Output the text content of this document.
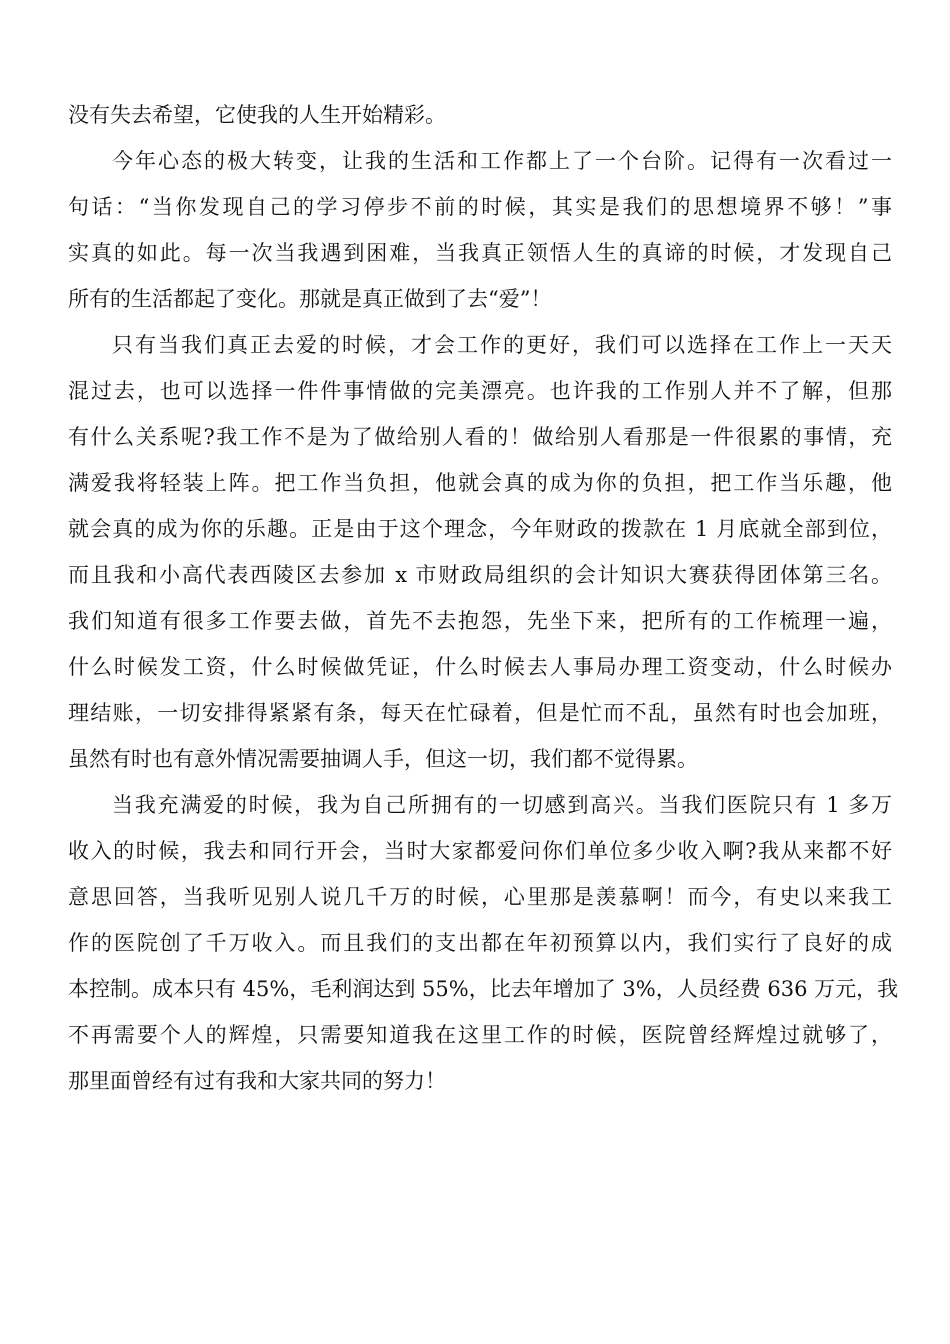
没有失去希望，它使我的人生开始精彩。
今年心态的极大转变，让我的生活和工作都上了一个台阶。记得有一次看过一
句话：“当你发现自己的学习停步不前的时候，其实是我们的思想境界不够！”事
实真的如此。每一次当我遇到困难，当我真正领悟人生的真谛的时候，才发现自己
所有的生活都起了变化。那就是真正做到了去“爱”！
只有当我们真正去爱的时候，才会工作的更好，我们可以选择在工作上一天天
混过去，也可以选择一件件事情做的完美漂亮。也许我的工作别人并不了解，但那
有什么关系呢?我工作不是为了做给别人看的！做给别人看那是一件很累的事情，充
满爱我将轻装上阵。把工作当负担，他就会真的成为你的负担，把工作当乐趣，他
就会真的成为你的乐趣。正是由于这个理念，今年财政的拨款在 1 月底就全部到位，
而且我和小高代表西陵区去参加 x 市财政局组织的会计知识大赛获得团体第三名。
我们知道有很多工作要去做，首先不去抱怨，先坐下来，把所有的工作梳理一遍，
什么时候发工资，什么时候做凭证，什么时候去人事局办理工资变动，什么时候办
理结账，一切安排得紧紧有条，每天在忙碌着，但是忙而不乱，虽然有时也会加班，
虽然有时也有意外情况需要抽调人手，但这一切，我们都不觉得累。
当我充满爱的时候，我为自己所拥有的一切感到高兴。当我们医院只有 1 多万
收入的时候，我去和同行开会，当时大家都爱问你们单位多少收入啊?我从来都不好
意思回答，当我听见别人说几千万的时候，心里那是羡慕啊！而今，有史以来我工
作的医院创了千万收入。而且我们的支出都在年初预算以内，我们实行了良好的成
本控制。成本只有 45%，毛利润达到 55%，比去年增加了 3%，人员经费 636 万元，我
不再需要个人的辉煌，只需要知道我在这里工作的时候，医院曾经辉煌过就够了，
那里面曾经有过有我和大家共同的努力！
